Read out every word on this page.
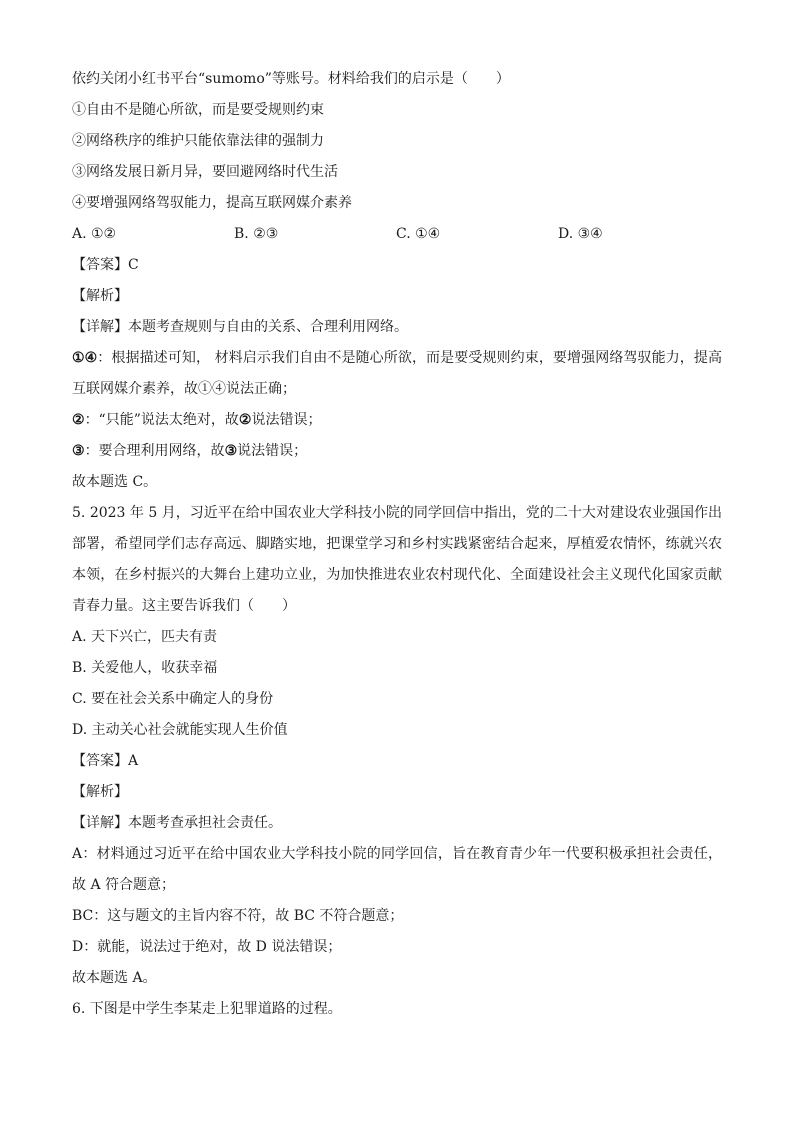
依约关闭小红书平台“sumomo”等账号。材料给我们的启示是（　　）
①自由不是随心所欲，而是要受规则约束
②网络秩序的维护只能依靠法律的强制力
③网络发展日新月异，要回避网络时代生活
④要增强网络驾驭能力，提高互联网媒介素养
A. ①②	B. ②③	C. ①④	D. ③④
【答案】C
【解析】
【详解】本题考查规则与自由的关系、合理利用网络。
①④：根据描述可知， 材料启示我们自由不是随心所欲，而是要受规则约束，要增强网络驾驭能力，提高互联网媒介素养，故①④说法正确；
②：“只能”说法太绝对，故②说法错误；
③：要合理利用网络，故③说法错误；
故本题选 C。
5. 2023 年 5 月，习近平在给中国农业大学科技小院的同学回信中指出，党的二十大对建设农业强国作出部署，希望同学们志存高远、脚踏实地，把课堂学习和乡村实践紧密结合起来，厚植爱农情怀，练就兴农本领，在乡村振兴的大舞台上建功立业，为加快推进农业农村现代化、全面建设社会主义现代化国家贡献青春力量。这主要告诉我们（　　）
A. 天下兴亡，匹夫有责
B. 关爱他人，收获幸福
C. 要在社会关系中确定人的身份
D. 主动关心社会就能实现人生价值
【答案】A
【解析】
【详解】本题考查承担社会责任。
A：材料通过习近平在给中国农业大学科技小院的同学回信，旨在教育青少年一代要积极承担社会责任，故 A 符合题意；
BC：这与题文的主旨内容不符，故 BC 不符合题意；
D：就能，说法过于绝对，故 D 说法错误；
故本题选 A。
6. 下图是中学生李某走上犯罪道路的过程。
